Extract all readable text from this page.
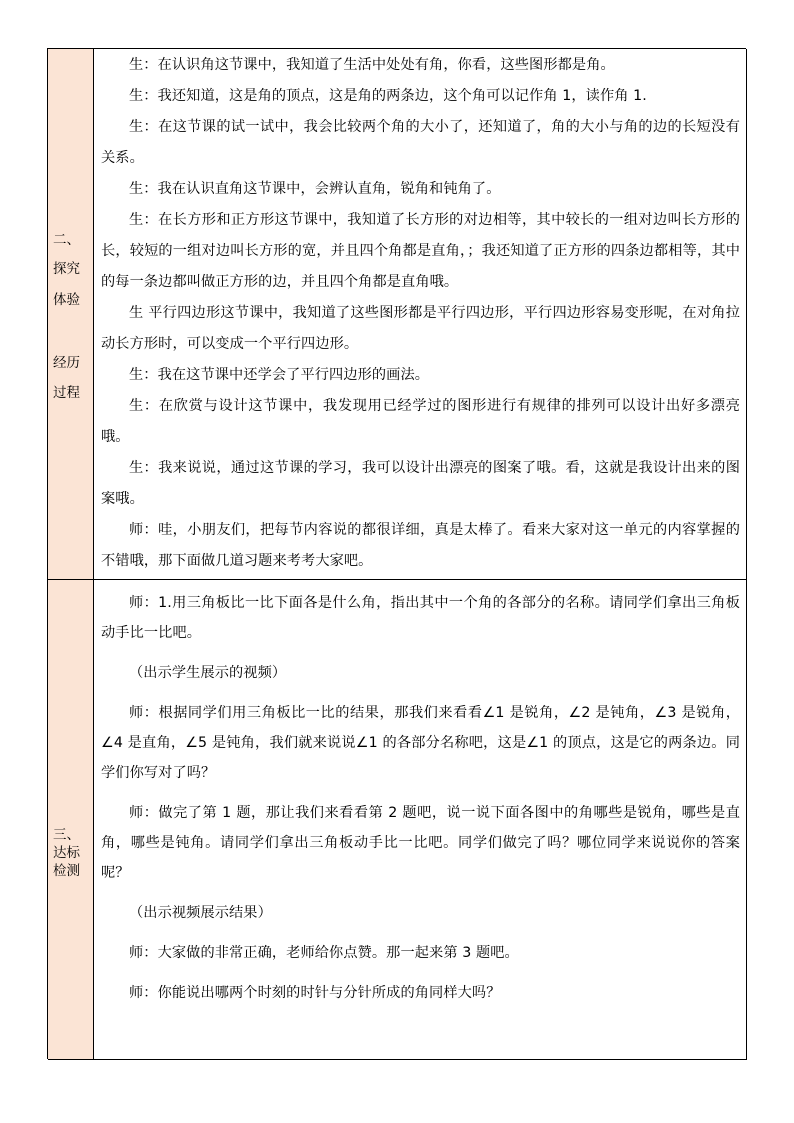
二、
探究
体验
经历
过程

生：在认识角这节课中，我知道了生活中处处有角，你看，这些图形都是角。

生：我还知道，这是角的顶点，这是角的两条边，这个角可以记作角 1，读作角 1.

生：在这节课的试一试中，我会比较两个角的大小了，还知道了，角的大小与角的边的长短没有关系。

生：我在认识直角这节课中，会辨认直角，锐角和钝角了。

生：在长方形和正方形这节课中，我知道了长方形的对边相等，其中较长的一组对边叫长方形的长，较短的一组对边叫长方形的宽，并且四个角都是直角，；我还知道了正方形的四条边都相等，其中的每一条边都叫做正方形的边，并且四个角都是直角哦。

生 平行四边形这节课中，我知道了这些图形都是平行四边形，平行四边形容易变形呢，在对角拉动长方形时，可以变成一个平行四边形。

生：我在这节课中还学会了平行四边形的画法。

生：在欣赏与设计这节课中，我发现用已经学过的图形进行有规律的排列可以设计出好多漂亮哦。

生：我来说说，通过这节课的学习，我可以设计出漂亮的图案了哦。看，这就是我设计出来的图案哦。

师：哇，小朋友们，把每节内容说的都很详细，真是太棒了。看来大家对这一单元的内容掌握的不错哦，那下面做几道习题来考考大家吧。

三、
达标
检测

师：1.用三角板比一比下面各是什么角，指出其中一个角的各部分的名称。请同学们拿出三角板动手比一比吧。

（出示学生展示的视频）

师：根据同学们用三角板比一比的结果，那我们来看看∠1 是锐角，∠2 是钝角，∠3 是锐角，∠4 是直角，∠5 是钝角，我们就来说说∠1 的各部分名称吧，这是∠1 的顶点，这是它的两条边。同学们你写对了吗？

师：做完了第 1 题，那让我们来看看第 2 题吧，说一说下面各图中的角哪些是锐角，哪些是直角，哪些是钝角。请同学们拿出三角板动手比一比吧。同学们做完了吗？哪位同学来说说你的答案呢？

（出示视频展示结果）

师：大家做的非常正确，老师给你点赞。那一起来第 3 题吧。

师：你能说出哪两个时刻的时针与分针所成的角同样大吗？
